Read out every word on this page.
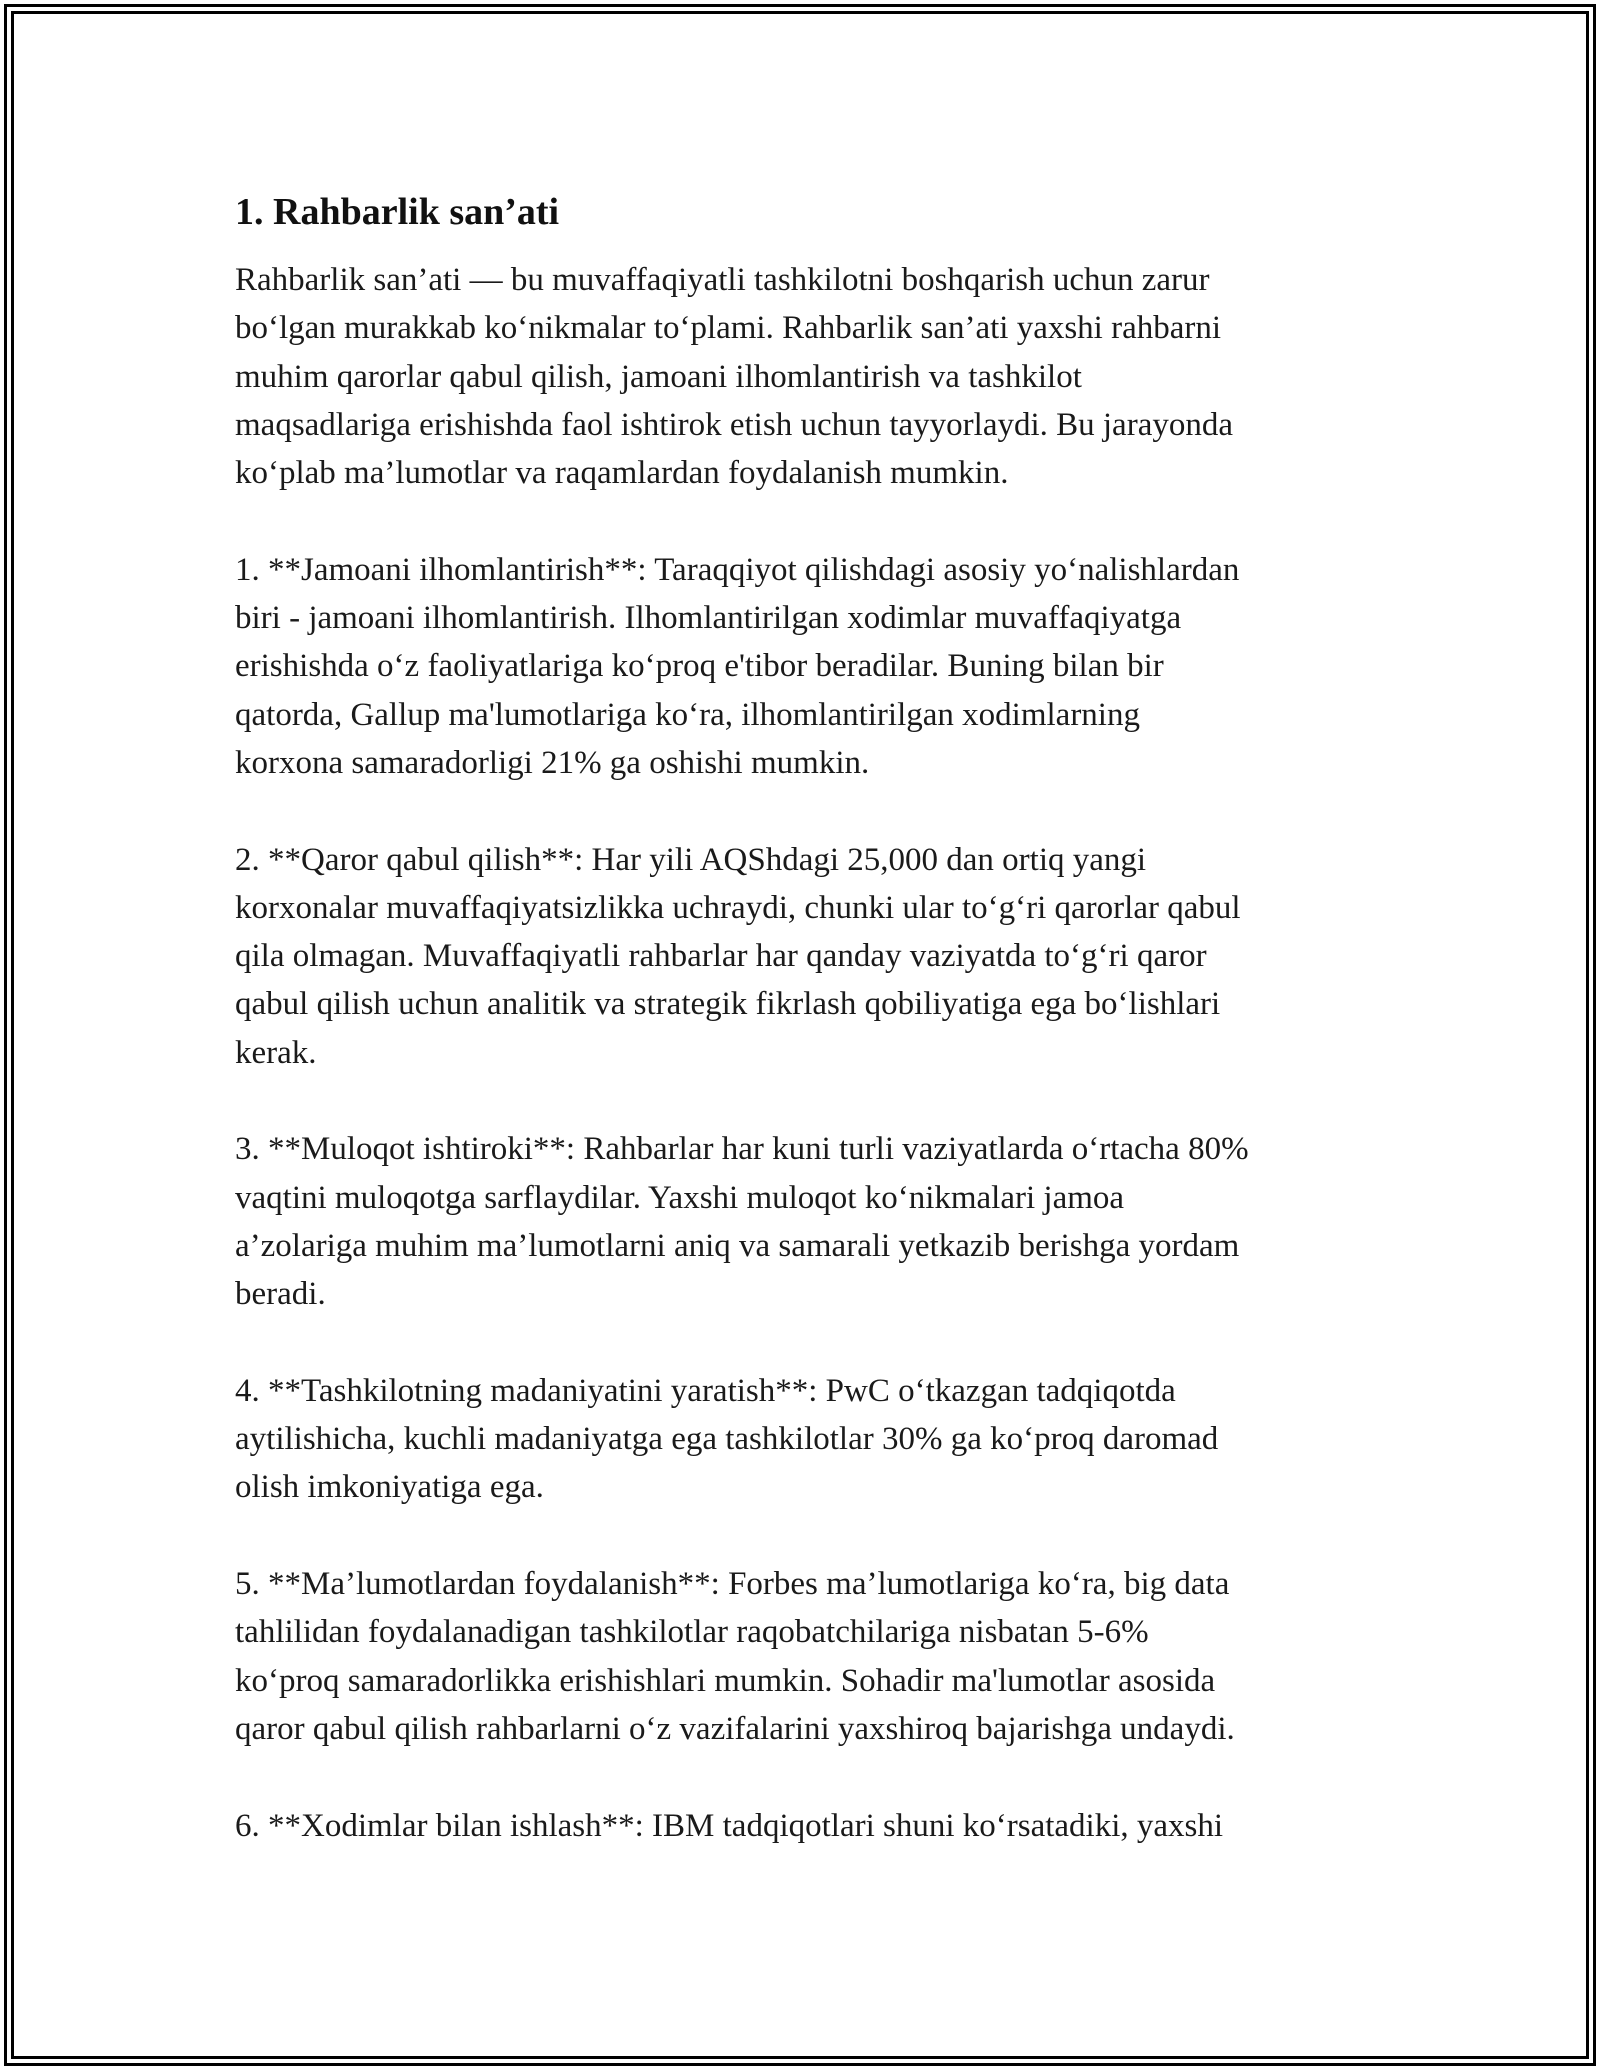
1. Rahbarlik san’ati

Rahbarlik san’ati — bu muvaffaqiyatli tashkilotni boshqarish uchun zarur
bo‘lgan murakkab ko‘nikmalar to‘plami. Rahbarlik san’ati yaxshi rahbarni
muhim qarorlar qabul qilish, jamoani ilhomlantirish va tashkilot
maqsadlariga erishishda faol ishtirok etish uchun tayyorlaydi. Bu jarayonda
ko‘plab ma’lumotlar va raqamlardan foydalanish mumkin.

1. **Jamoani ilhomlantirish**: Taraqqiyot qilishdagi asosiy yo‘nalishlardan
biri - jamoani ilhomlantirish. Ilhomlantirilgan xodimlar muvaffaqiyatga
erishishda o‘z faoliyatlariga ko‘proq e'tibor beradilar. Buning bilan bir
qatorda, Gallup ma'lumotlariga ko‘ra, ilhomlantirilgan xodimlarning
korxona samaradorligi 21% ga oshishi mumkin.

2. **Qaror qabul qilish**: Har yili AQShdagi 25,000 dan ortiq yangi
korxonalar muvaffaqiyatsizlikka uchraydi, chunki ular to‘g‘ri qarorlar qabul
qila olmagan. Muvaffaqiyatli rahbarlar har qanday vaziyatda to‘g‘ri qaror
qabul qilish uchun analitik va strategik fikrlash qobiliyatiga ega bo‘lishlari
kerak.

3. **Muloqot ishtiroki**: Rahbarlar har kuni turli vaziyatlarda o‘rtacha 80%
vaqtini muloqotga sarflaydilar. Yaxshi muloqot ko‘nikmalari jamoa
a’zolariga muhim ma’lumotlarni aniq va samarali yetkazib berishga yordam
beradi.

4. **Tashkilotning madaniyatini yaratish**: PwC o‘tkazgan tadqiqotda
aytilishicha, kuchli madaniyatga ega tashkilotlar 30% ga ko‘proq daromad
olish imkoniyatiga ega.

5. **Ma’lumotlardan foydalanish**: Forbes ma’lumotlariga ko‘ra, big data
tahlilidan foydalanadigan tashkilotlar raqobatchilariga nisbatan 5-6%
ko‘proq samaradorlikka erishishlari mumkin. Sohadir ma'lumotlar asosida
qaror qabul qilish rahbarlarni o‘z vazifalarini yaxshiroq bajarishga undaydi.

6. **Xodimlar bilan ishlash**: IBM tadqiqotlari shuni ko‘rsatadiki, yaxshi
